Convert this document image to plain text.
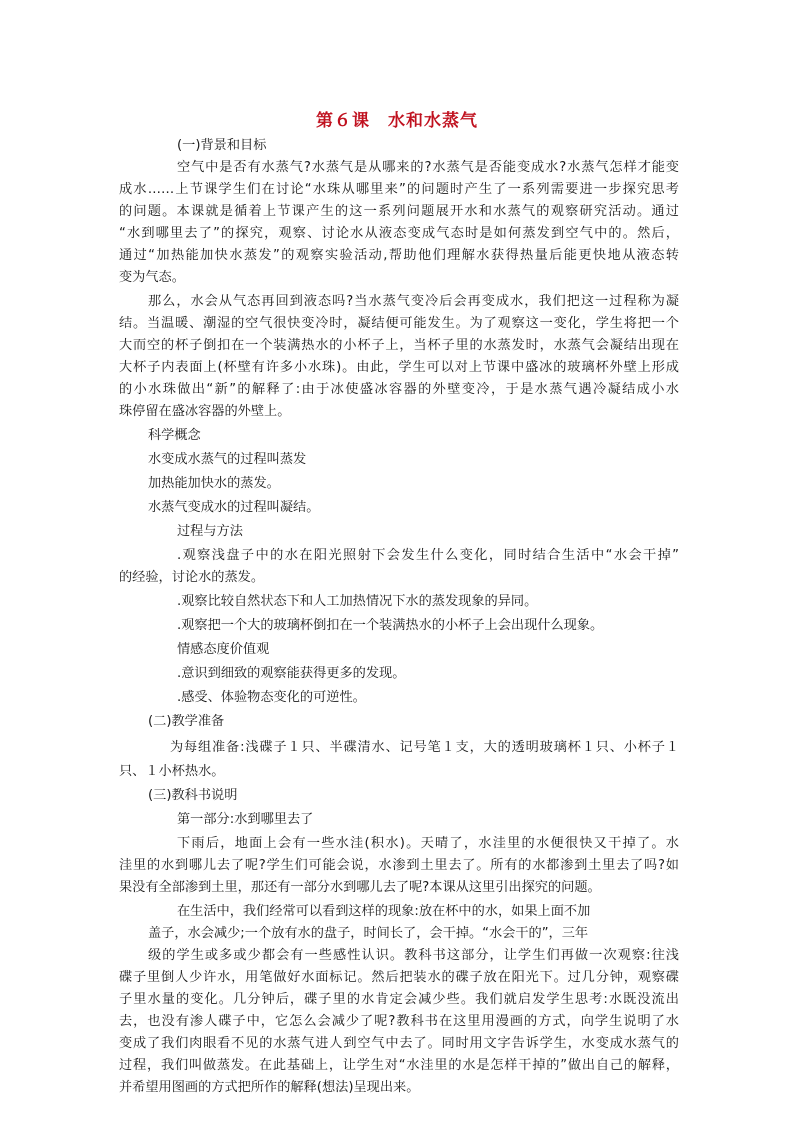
第６课　水和水蒸气
(一)背景和目标
空气中是否有水蒸气?水蒸气是从哪来的?水蒸气是否能变成水?水蒸气怎样才能变
成水……上节课学生们在讨论“水珠从哪里来”的问题时产生了一系列需要进一步探究思考
的问题。本课就是循着上节课产生的这一系列问题展开水和水蒸气的观察研究活动。通过
“水到哪里去了”的探究，观察、讨论水从液态变成气态时是如何蒸发到空气中的。然后，
通过“加热能加快水蒸发”的观察实验活动,帮助他们理解水获得热量后能更快地从液态转
变为气态。
那么，水会从气态再回到液态吗?当水蒸气变冷后会再变成水，我们把这一过程称为凝
结。当温暖、潮湿的空气很快变冷时，凝结便可能发生。为了观察这一变化，学生将把一个
大而空的杯子倒扣在一个装满热水的小杯子上，当杯子里的水蒸发时，水蒸气会凝结出现在
大杯子内表面上(杯壁有许多小水珠)。由此，学生可以对上节课中盛冰的玻璃杯外壁上形成
的小水珠做出“新”的解释了:由于冰使盛冰容器的外壁变冷，于是水蒸气遇冷凝结成小水
珠停留在盛冰容器的外壁上。
科学概念
水变成水蒸气的过程叫蒸发
加热能加快水的蒸发。
水蒸气变成水的过程叫凝结。
过程与方法
.观察浅盘子中的水在阳光照射下会发生什么变化，同时结合生活中“水会干掉”
的经验，讨论水的蒸发。
.观察比较自然状态下和人工加热情况下水的蒸发现象的异同。
.观察把一个大的玻璃杯倒扣在一个装满热水的小杯子上会出现什么现象。
情感态度价值观
.意识到细致的观察能获得更多的发现。
.感受、体验物态变化的可逆性。
(二)教学准备
为每组准备:浅碟子１只、半碟清水、记号笔１支，大的透明玻璃杯１只、小杯子１
只、１小杯热水。
(三)教科书说明
第一部分:水到哪里去了
下雨后，地面上会有一些水洼(积水)。天晴了，水洼里的水便很快又干掉了。水
洼里的水到哪儿去了呢?学生们可能会说，水渗到土里去了。所有的水都渗到土里去了吗?如
果没有全部渗到土里，那还有一部分水到哪儿去了呢?本课从这里引出探究的问题。
在生活中，我们经常可以看到这样的现象:放在杯中的水，如果上面不加
盖子，水会减少;一个放有水的盘子，时间长了，会干掉。“水会干的”，三年
级的学生或多或少都会有一些感性认识。教科书这部分，让学生们再做一次观察:往浅
碟子里倒人少许水，用笔做好水面标记。然后把装水的碟子放在阳光下。过几分钟，观察碟
子里水量的变化。几分钟后，碟子里的水肯定会减少些。我们就启发学生思考:水既没流出
去，也没有渗人碟子中，它怎么会减少了呢?教科书在这里用漫画的方式，向学生说明了水
变成了我们肉眼看不见的水蒸气进人到空气中去了。同时用文字告诉学生，水变成水蒸气的
过程，我们叫做蒸发。在此基础上，让学生对“水洼里的水是怎样干掉的”做出自己的解释，
并希望用图画的方式把所作的解释(想法)呈现出来。
